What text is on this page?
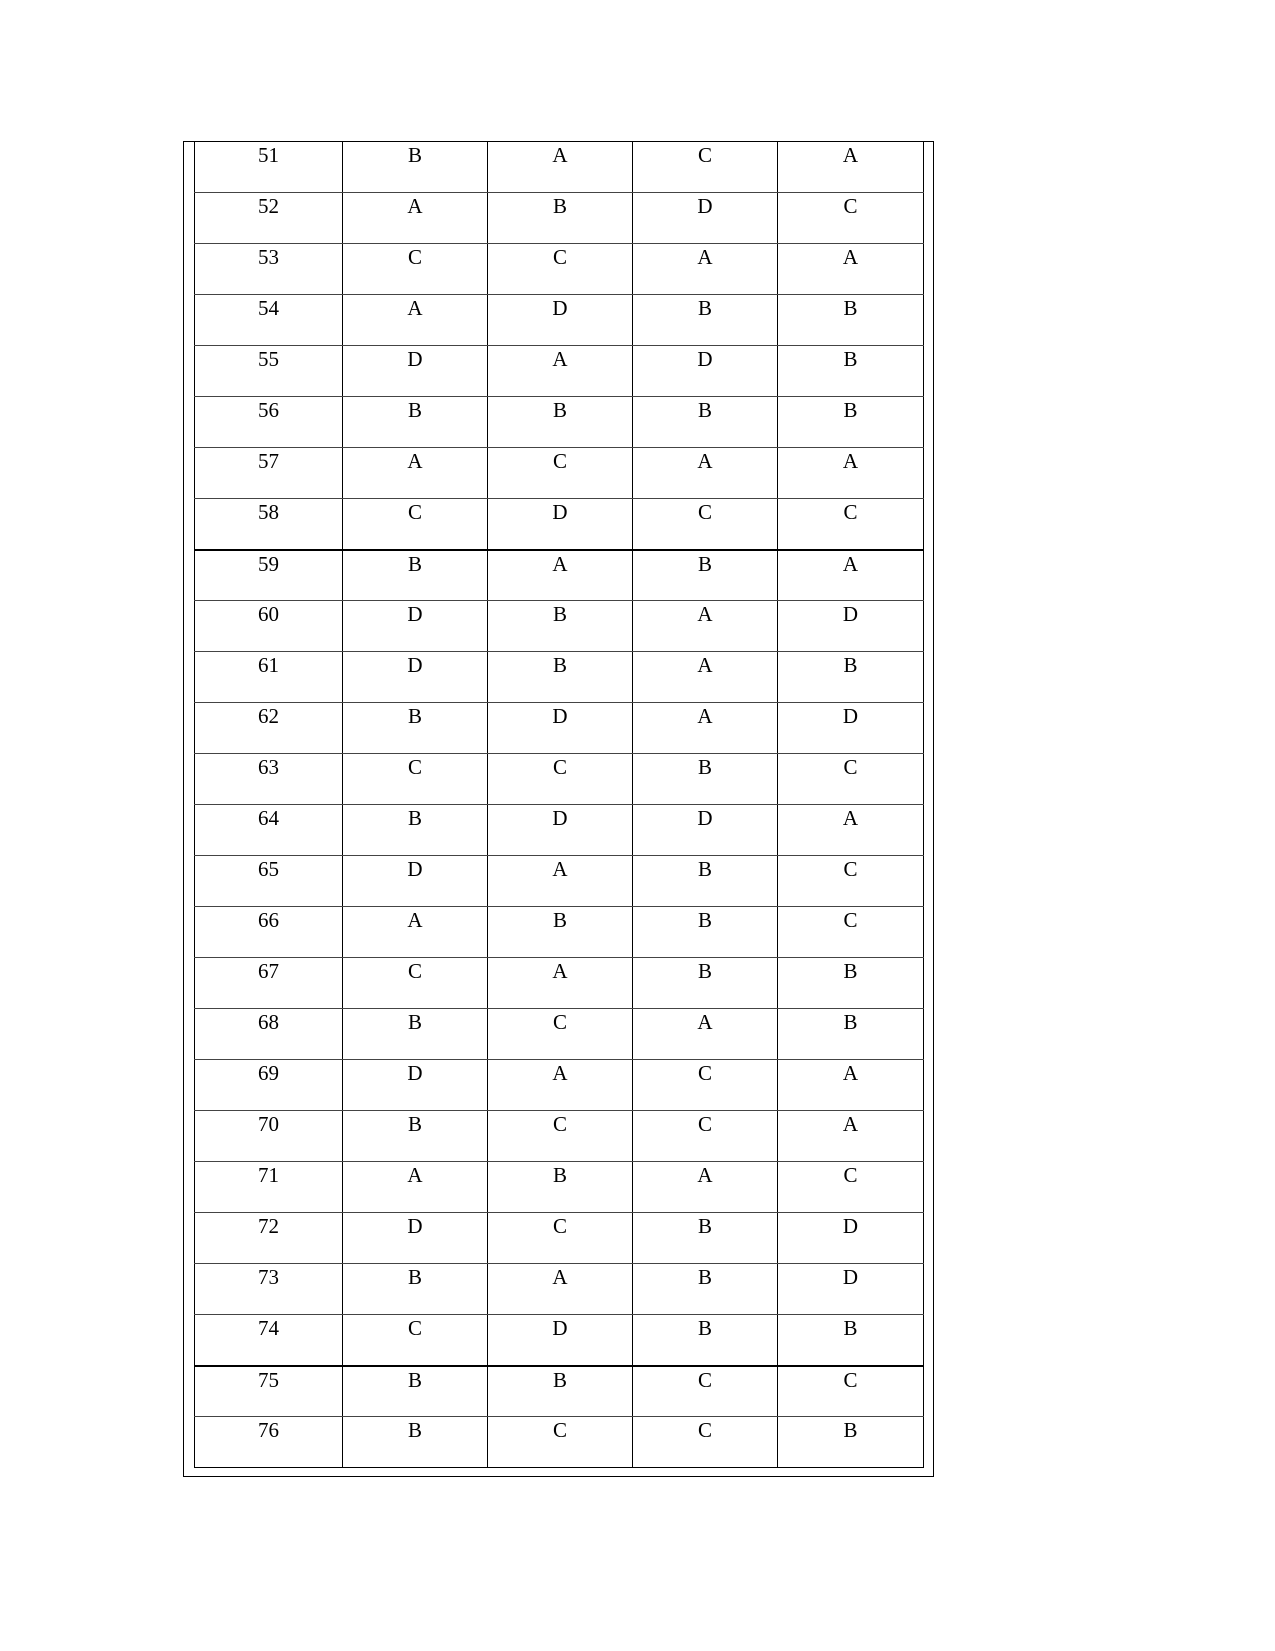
51	B	A	C	A
52	A	B	D	C
53	C	C	A	A
54	A	D	B	B
55	D	A	D	B
56	B	B	B	B
57	A	C	A	A
58	C	D	C	C
59	B	A	B	A
60	D	B	A	D
61	D	B	A	B
62	B	D	A	D
63	C	C	B	C
64	B	D	D	A
65	D	A	B	C
66	A	B	B	C
67	C	A	B	B
68	B	C	A	B
69	D	A	C	A
70	B	C	C	A
71	A	B	A	C
72	D	C	B	D
73	B	A	B	D
74	C	D	B	B
75	B	B	C	C
76	B	C	C	B
